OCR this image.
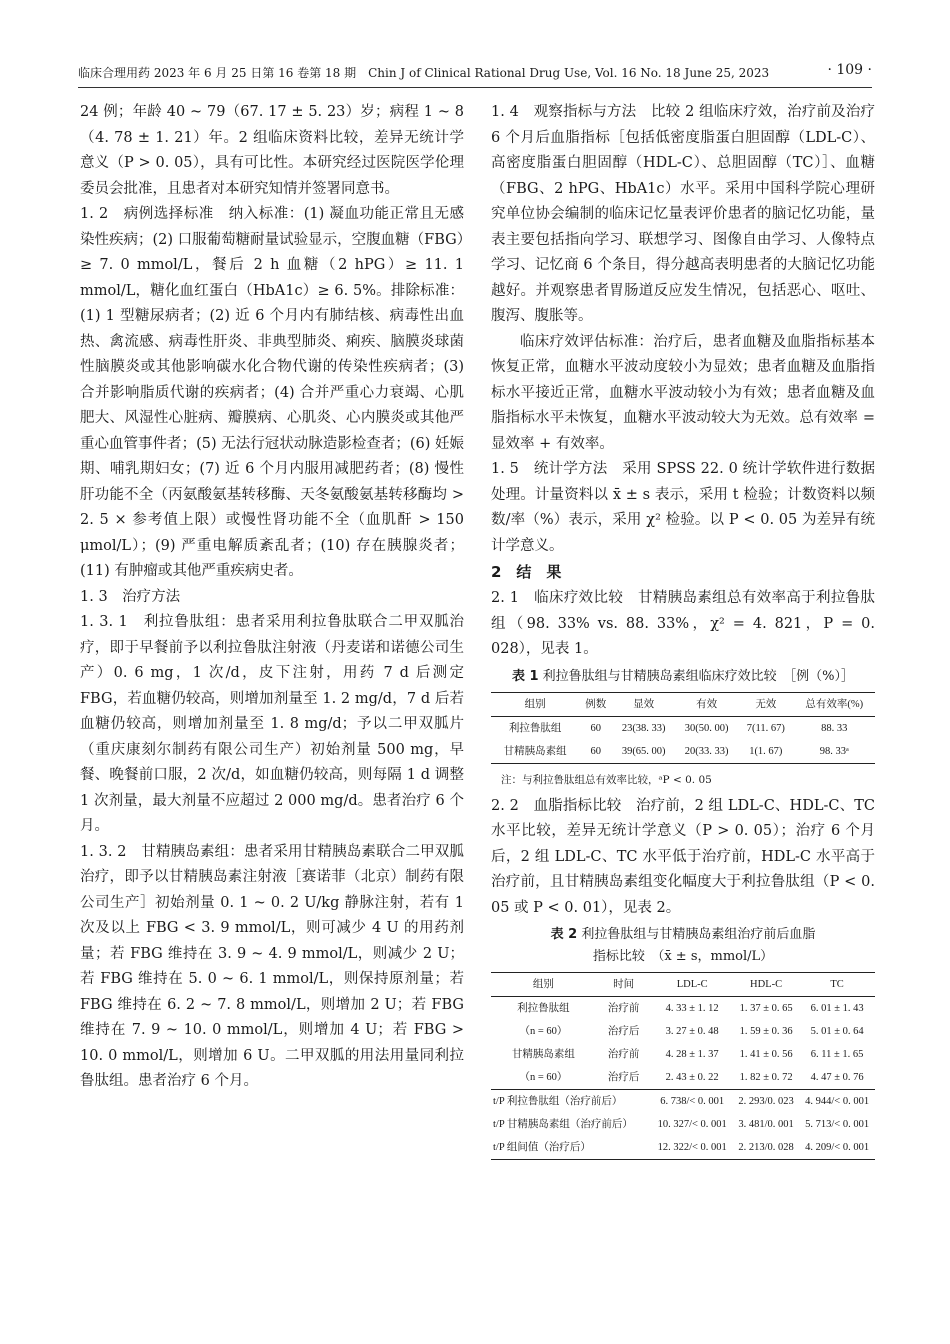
临床合理用药 2023 年 6 月 25 日第 16 卷第 18 期　Chin J of Clinical Rational Drug Use, Vol. 16 No. 18 June 25, 2023	· 109 ·

24 例；年龄 40 ~ 79（67. 17 ± 5. 23）岁；病程 1 ~ 8（4. 78 ± 1. 21）年。2 组临床资料比较，差异无统计学意义（P > 0. 05），具有可比性。本研究经过医院医学伦理委员会批准，且患者对本研究知情并签署同意书。

1. 2　病例选择标准　纳入标准：(1) 凝血功能正常且无感染性疾病；(2) 口服葡萄糖耐量试验显示，空腹血糖（FBG）≥ 7. 0 mmol/L，餐后 2 h 血糖（2 hPG）≥ 11. 1 mmol/L，糖化血红蛋白（HbA1c）≥ 6. 5%。排除标准：(1) 1 型糖尿病者；(2) 近 6 个月内有肺结核、病毒性出血热、禽流感、病毒性肝炎、非典型肺炎、痢疾、脑膜炎球菌性脑膜炎或其他影响碳水化合物代谢的传染性疾病者；(3) 合并影响脂质代谢的疾病者；(4) 合并严重心力衰竭、心肌肥大、风湿性心脏病、瓣膜病、心肌炎、心内膜炎或其他严重心血管事件者；(5) 无法行冠状动脉造影检查者；(6) 妊娠期、哺乳期妇女；(7) 近 6 个月内服用减肥药者；(8) 慢性肝功能不全（丙氨酸氨基转移酶、天冬氨酸氨基转移酶均 > 2. 5 × 参考值上限）或慢性肾功能不全（血肌酐 > 150 μmol/L）；(9) 严重电解质紊乱者；(10) 存在胰腺炎者；(11) 有肿瘤或其他严重疾病史者。

1. 3　治疗方法

1. 3. 1　利拉鲁肽组：患者采用利拉鲁肽联合二甲双胍治疗，即于早餐前予以利拉鲁肽注射液（丹麦诺和诺德公司生产）0. 6 mg，1 次/d，皮下注射，用药 7 d 后测定 FBG，若血糖仍较高，则增加剂量至 1. 2 mg/d，7 d 后若血糖仍较高，则增加剂量至 1. 8 mg/d；予以二甲双胍片（重庆康刻尔制药有限公司生产）初始剂量 500 mg，早餐、晚餐前口服，2 次/d，如血糖仍较高，则每隔 1 d 调整 1 次剂量，最大剂量不应超过 2 000 mg/d。患者治疗 6 个月。

1. 3. 2　甘精胰岛素组：患者采用甘精胰岛素联合二甲双胍治疗，即予以甘精胰岛素注射液［赛诺菲（北京）制药有限公司生产］初始剂量 0. 1 ~ 0. 2 U/kg 静脉注射，若有 1 次及以上 FBG < 3. 9 mmol/L，则可减少 4 U 的用药剂量；若 FBG 维持在 3. 9 ~ 4. 9 mmol/L，则减少 2 U；若 FBG 维持在 5. 0 ~ 6. 1 mmol/L，则保持原剂量；若 FBG 维持在 6. 2 ~ 7. 8 mmol/L，则增加 2 U；若 FBG 维持在 7. 9 ~ 10. 0 mmol/L，则增加 4 U；若 FBG > 10. 0 mmol/L，则增加 6 U。二甲双胍的用法用量同利拉鲁肽组。患者治疗 6 个月。

1. 4　观察指标与方法　比较 2 组临床疗效，治疗前及治疗 6 个月后血脂指标［包括低密度脂蛋白胆固醇（LDL-C）、高密度脂蛋白胆固醇（HDL-C）、总胆固醇（TC）］、血糖（FBG、2 hPG、HbA1c）水平。采用中国科学院心理研究单位协会编制的临床记忆量表评价患者的脑记忆功能，量表主要包括指向学习、联想学习、图像自由学习、人像特点学习、记忆商 6 个条目，得分越高表明患者的大脑记忆功能越好。并观察患者胃肠道反应发生情况，包括恶心、呕吐、腹泻、腹胀等。

临床疗效评估标准：治疗后，患者血糖及血脂指标基本恢复正常，血糖水平波动度较小为显效；患者血糖及血脂指标水平接近正常，血糖水平波动较小为有效；患者血糖及血脂指标水平未恢复，血糖水平波动较大为无效。总有效率 = 显效率 + 有效率。

1. 5　统计学方法　采用 SPSS 22. 0 统计学软件进行数据处理。计量资料以 x̄ ± s 表示，采用 t 检验；计数资料以频数/率（%）表示，采用 χ² 检验。以 P < 0. 05 为差异有统计学意义。

2　结　果

2. 1　临床疗效比较　甘精胰岛素组总有效率高于利拉鲁肽组（98. 33% vs. 88. 33%，χ² = 4. 821，P = 0. 028），见表 1。

表 1 利拉鲁肽组与甘精胰岛素组临床疗效比较　［例（%）］
组别	例数	显效	有效	无效	总有效率(%)
利拉鲁肽组	60	23(38. 33)	30(50. 00)	7(11. 67)	88. 33
甘精胰岛素组	60	39(65. 00)	20(33. 33)	1(1. 67)	98. 33ᵃ
注：与利拉鲁肽组总有效率比较，ᵃP < 0. 05

2. 2　血脂指标比较　治疗前，2 组 LDL-C、HDL-C、TC 水平比较，差异无统计学意义（P > 0. 05）；治疗 6 个月后，2 组 LDL-C、TC 水平低于治疗前，HDL-C 水平高于治疗前，且甘精胰岛素组变化幅度大于利拉鲁肽组（P < 0. 05 或 P < 0. 01），见表 2。

表 2 利拉鲁肽组与甘精胰岛素组治疗前后血脂
指标比较　（x̄ ± s，mmol/L）
组别	时间	LDL-C	HDL-C	TC
利拉鲁肽组	治疗前	4. 33 ± 1. 12	1. 37 ± 0. 65	6. 01 ± 1. 43
（n = 60）	治疗后	3. 27 ± 0. 48	1. 59 ± 0. 36	5. 01 ± 0. 64
甘精胰岛素组	治疗前	4. 28 ± 1. 37	1. 41 ± 0. 56	6. 11 ± 1. 65
（n = 60）	治疗后	2. 43 ± 0. 22	1. 82 ± 0. 72	4. 47 ± 0. 76
t/P 利拉鲁肽组（治疗前后）		6. 738/< 0. 001	2. 293/0. 023	4. 944/< 0. 001
t/P 甘精胰岛素组（治疗前后）		10. 327/< 0. 001	3. 481/0. 001	5. 713/< 0. 001
t/P 组间值（治疗后）		12. 322/< 0. 001	2. 213/0. 028	4. 209/< 0. 001
